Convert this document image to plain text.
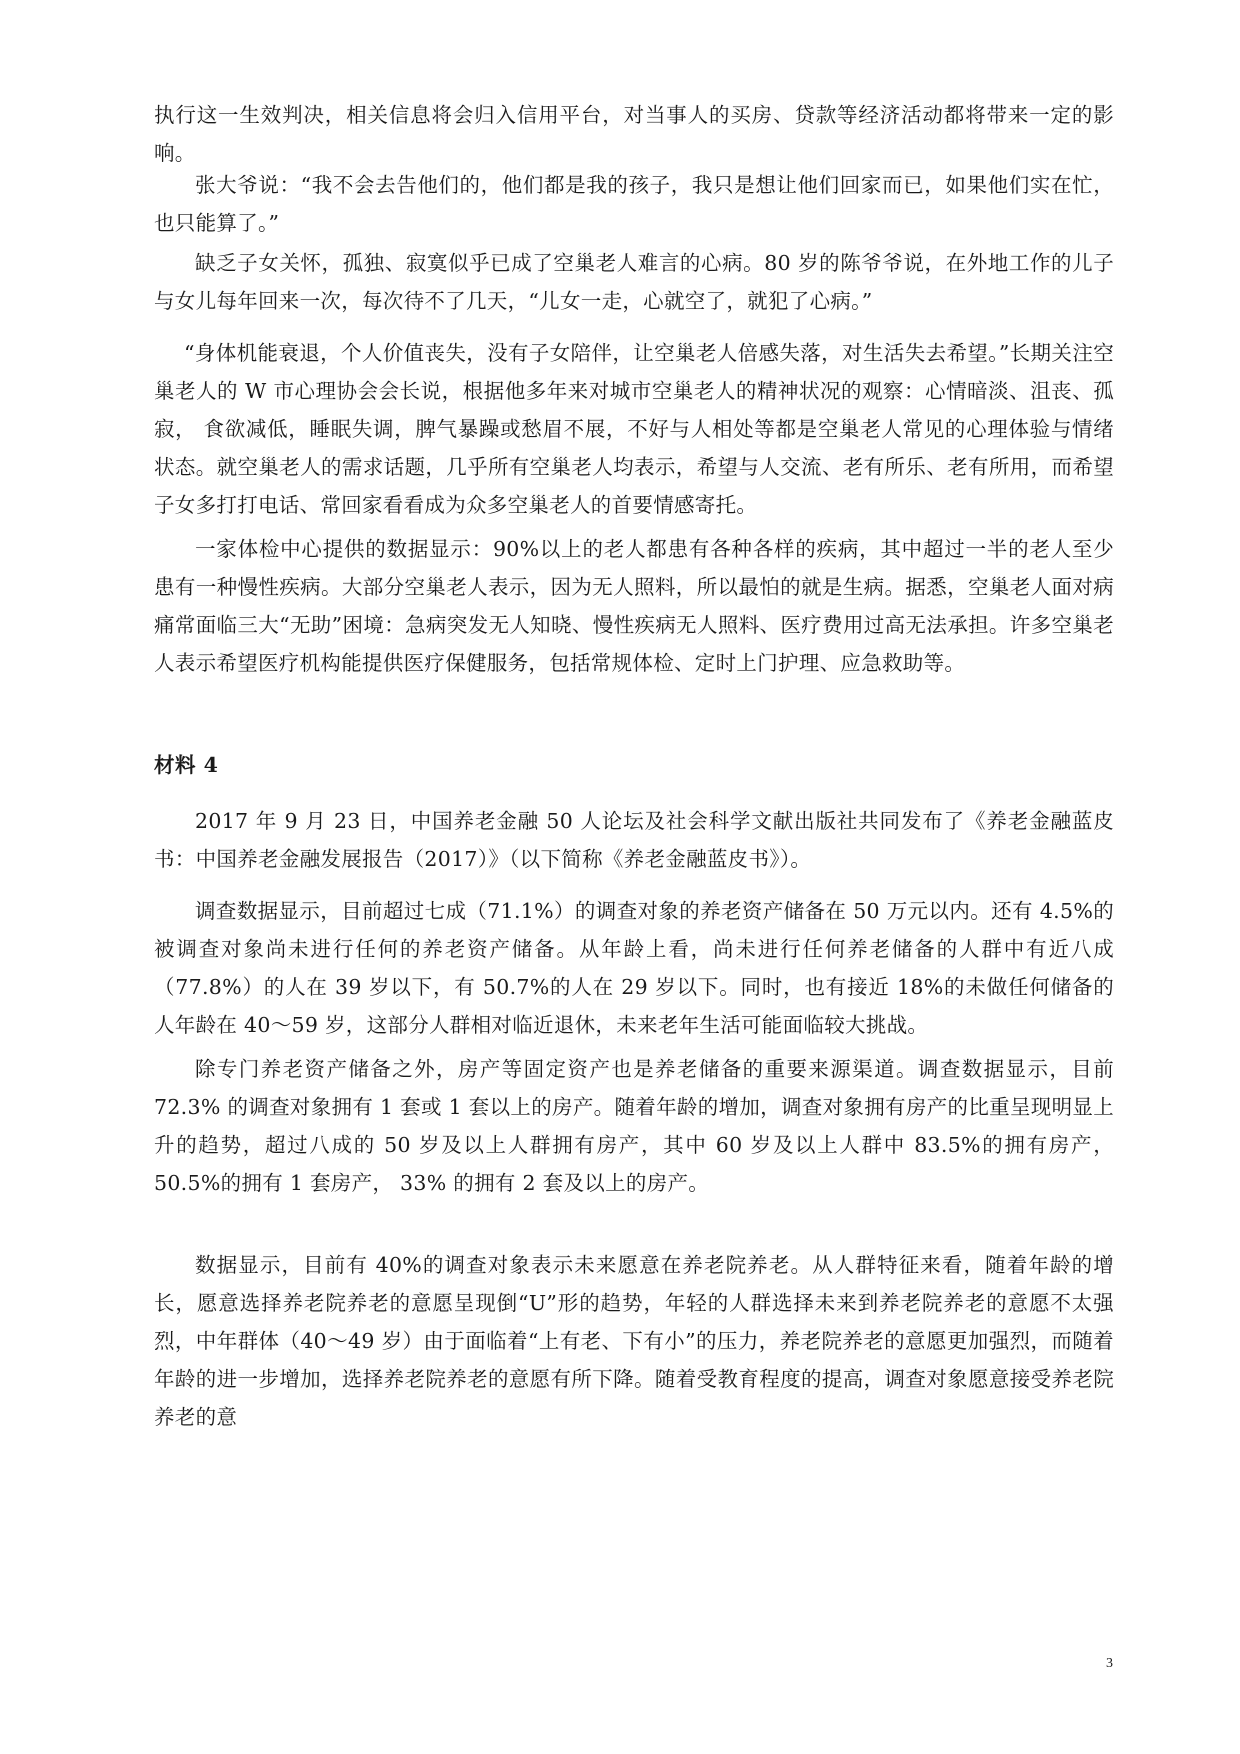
执行这一生效判决，相关信息将会归入信用平台，对当事人的买房、贷款等经济活动都将带来一定的影响。

张大爷说：“我不会去告他们的，他们都是我的孩子，我只是想让他们回家而已，如果他们实在忙，也只能算了。”

缺乏子女关怀，孤独、寂寞似乎已成了空巢老人难言的心病。80 岁的陈爷爷说，在外地工作的儿子与女儿每年回来一次，每次待不了几天，“儿女一走，心就空了，就犯了心病。”

“身体机能衰退，个人价值丧失，没有子女陪伴，让空巢老人倍感失落，对生活失去希望。”长期关注空巢老人的 W 市心理协会会长说，根据他多年来对城市空巢老人的精神状况的观察：心情暗淡、沮丧、孤寂， 食欲减低，睡眠失调，脾气暴躁或愁眉不展，不好与人相处等都是空巢老人常见的心理体验与情绪状态。就空巢老人的需求话题，几乎所有空巢老人均表示，希望与人交流、老有所乐、老有所用，而希望子女多打打电话、常回家看看成为众多空巢老人的首要情感寄托。

一家体检中心提供的数据显示：90%以上的老人都患有各种各样的疾病，其中超过一半的老人至少患有一种慢性疾病。大部分空巢老人表示，因为无人照料，所以最怕的就是生病。据悉，空巢老人面对病痛常面临三大“无助”困境：急病突发无人知晓、慢性疾病无人照料、医疗费用过高无法承担。许多空巢老人表示希望医疗机构能提供医疗保健服务，包括常规体检、定时上门护理、应急救助等。

材料 4

2017 年 9 月 23 日，中国养老金融 50 人论坛及社会科学文献出版社共同发布了《养老金融蓝皮书：中国养老金融发展报告（2017）》（以下简称《养老金融蓝皮书》）。

调查数据显示，目前超过七成（71.1%）的调查对象的养老资产储备在 50 万元以内。还有 4.5%的被调查对象尚未进行任何的养老资产储备。从年龄上看，尚未进行任何养老储备的人群中有近八成（77.8%）的人在 39 岁以下，有 50.7%的人在 29 岁以下。同时，也有接近 18%的未做任何储备的人年龄在 40～59 岁，这部分人群相对临近退休，未来老年生活可能面临较大挑战。

除专门养老资产储备之外，房产等固定资产也是养老储备的重要来源渠道。调查数据显示，目前 72.3% 的调查对象拥有 1 套或 1 套以上的房产。随着年龄的增加，调查对象拥有房产的比重呈现明显上升的趋势，超过八成的 50 岁及以上人群拥有房产，其中 60 岁及以上人群中 83.5%的拥有房产，50.5%的拥有 1 套房产， 33% 的拥有 2 套及以上的房产。

数据显示，目前有 40%的调查对象表示未来愿意在养老院养老。从人群特征来看，随着年龄的增长，愿意选择养老院养老的意愿呈现倒“U”形的趋势，年轻的人群选择未来到养老院养老的意愿不太强烈，中年群体（40～49 岁）由于面临着“上有老、下有小”的压力，养老院养老的意愿更加强烈，而随着年龄的进一步增加，选择养老院养老的意愿有所下降。随着受教育程度的提高，调查对象愿意接受养老院养老的意

3
